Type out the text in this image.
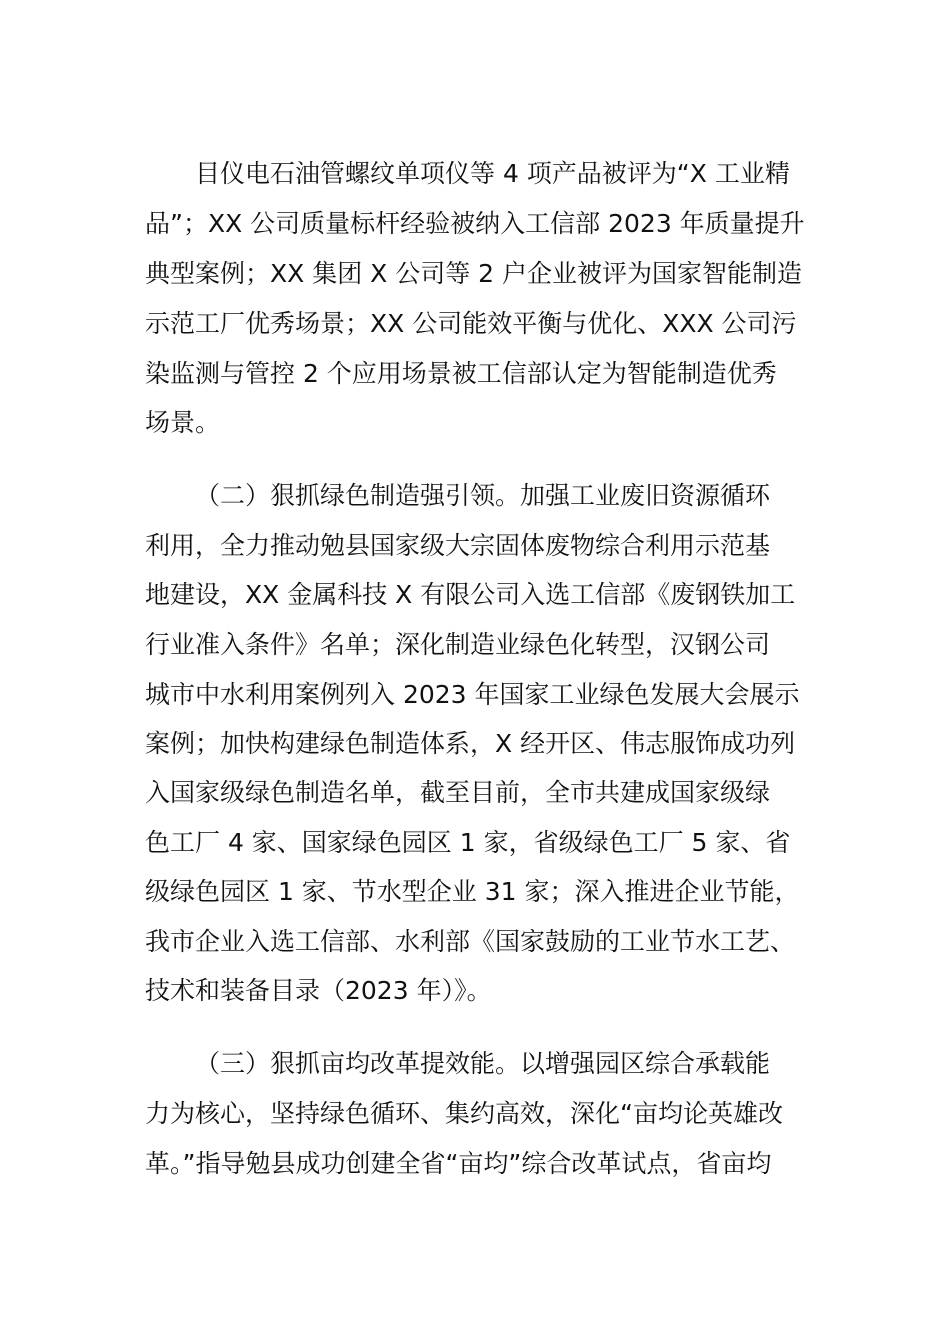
目仪电石油管螺纹单项仪等 4 项产品被评为“X 工业精
品”；XX 公司质量标杆经验被纳入工信部 2023 年质量提升
典型案例；XX 集团 X 公司等 2 户企业被评为国家智能制造
示范工厂优秀场景；XX 公司能效平衡与优化、XXX 公司污
染监测与管控 2 个应用场景被工信部认定为智能制造优秀
场景。
（二）狠抓绿色制造强引领。加强工业废旧资源循环
利用，全力推动勉县国家级大宗固体废物综合利用示范基
地建设，XX 金属科技 X 有限公司入选工信部《废钢铁加工
行业准入条件》名单；深化制造业绿色化转型，汉钢公司
城市中水利用案例列入 2023 年国家工业绿色发展大会展示
案例；加快构建绿色制造体系，X 经开区、伟志服饰成功列
入国家级绿色制造名单，截至目前，全市共建成国家级绿
色工厂 4 家、国家绿色园区 1 家，省级绿色工厂 5 家、省
级绿色园区 1 家、节水型企业 31 家；深入推进企业节能，
我市企业入选工信部、水利部《国家鼓励的工业节水工艺、
技术和装备目录（2023 年）》。
（三）狠抓亩均改革提效能。以增强园区综合承载能
力为核心，坚持绿色循环、集约高效，深化“亩均论英雄改
革。”指导勉县成功创建全省“亩均”综合改革试点，省亩均
